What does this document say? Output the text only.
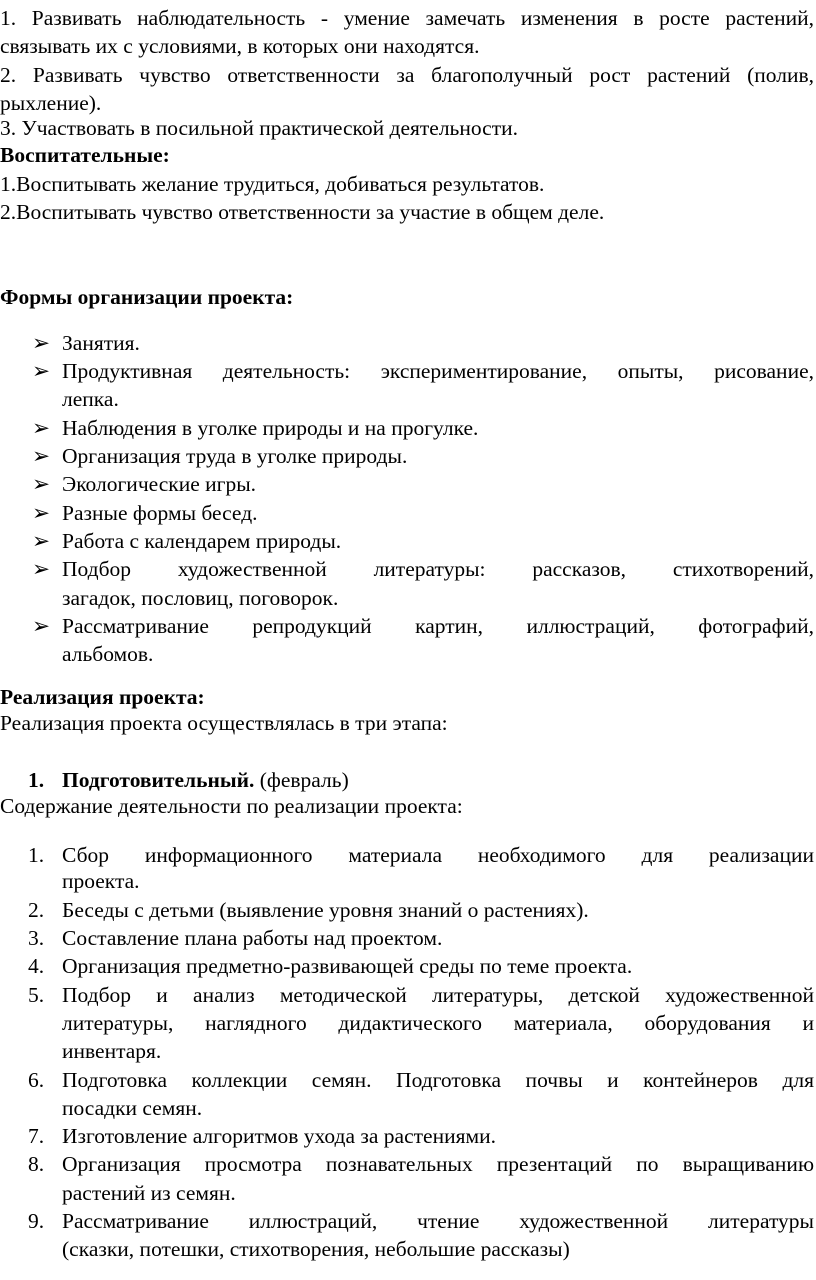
1. Развивать наблюдательность - умение замечать изменения в росте растений,
связывать их с условиями, в которых они находятся.
2. Развивать чувство ответственности за благополучный рост растений (полив,
рыхление).
3. Участвовать в посильной практической деятельности.
Воспитательные:
1.Воспитывать желание трудиться, добиваться результатов.
2.Воспитывать чувство ответственности за участие в общем деле.
Формы организации проекта:
➢ Занятия.
➢ Продуктивная деятельность: экспериментирование, опыты, рисование,
лепка.
➢ Наблюдения в уголке природы и на прогулке.
➢ Организация труда в уголке природы.
➢ Экологические игры.
➢ Разные формы бесед.
➢ Работа с календарем природы.
➢ Подбор художественной литературы: рассказов, стихотворений,
загадок, пословиц, поговорок.
➢ Рассматривание репродукций картин, иллюстраций, фотографий,
альбомов.
Реализация проекта:
Реализация проекта осуществлялась в три этапа:
1. Подготовительный. (февраль)
Содержание деятельности по реализации проекта:
1. Сбор информационного материала необходимого для реализации
проекта.
2. Беседы с детьми (выявление уровня знаний о растениях).
3. Составление плана работы над проектом.
4. Организация предметно-развивающей среды по теме проекта.
5. Подбор и анализ методической литературы, детской художественной
литературы, наглядного дидактического материала, оборудования и
инвентаря.
6. Подготовка коллекции семян. Подготовка почвы и контейнеров для
посадки семян.
7. Изготовление алгоритмов ухода за растениями.
8. Организация просмотра познавательных презентаций по выращиванию
растений из семян.
9. Рассматривание иллюстраций, чтение художественной литературы
(сказки, потешки, стихотворения, небольшие рассказы)
